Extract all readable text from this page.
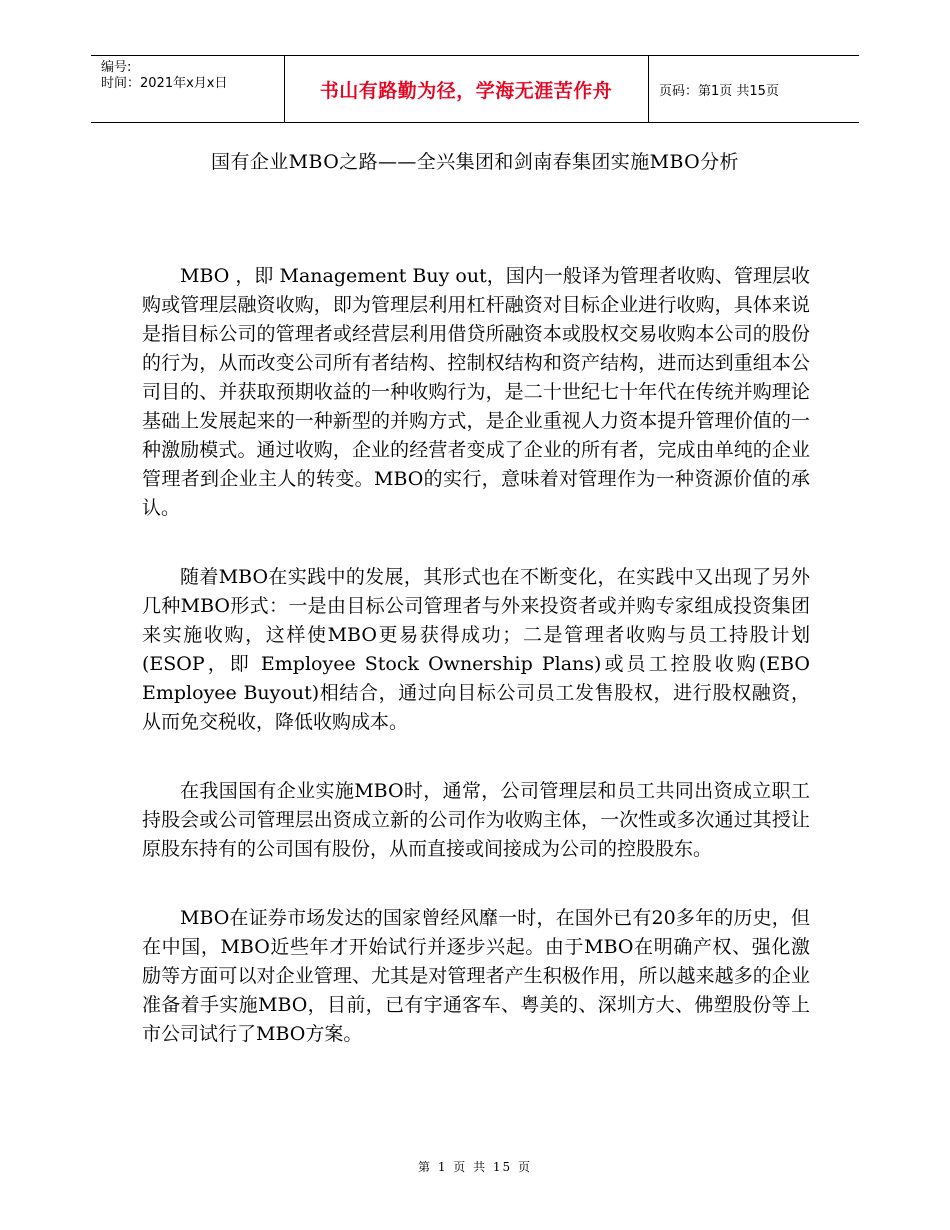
编号:
时间：2021年x月x日	书山有路勤为径，学海无涯苦作舟	页码：第1页 共15页
国有企业MBO之路——全兴集团和剑南春集团实施MBO分析

MBO ，即 Management Buy out，国内一般译为管理者收购、管理层收购或管理层融资收购，即为管理层利用杠杆融资对目标企业进行收购，具体来说是指目标公司的管理者或经营层利用借贷所融资本或股权交易收购本公司的股份的行为，从而改变公司所有者结构、控制权结构和资产结构，进而达到重组本公司目的、并获取预期收益的一种收购行为，是二十世纪七十年代在传统并购理论基础上发展起来的一种新型的并购方式，是企业重视人力资本提升管理价值的一种激励模式。通过收购，企业的经营者变成了企业的所有者，完成由单纯的企业管理者到企业主人的转变。MBO的实行，意味着对管理作为一种资源价值的承认。

随着MBO在实践中的发展，其形式也在不断变化，在实践中又出现了另外几种MBO形式：一是由目标公司管理者与外来投资者或并购专家组成投资集团来实施收购，这样使MBO更易获得成功；二是管理者收购与员工持股计划(ESOP，即 Employee Stock Ownership Plans)或员工控股收购(EBO Employee Buyout)相结合，通过向目标公司员工发售股权，进行股权融资，从而免交税收，降低收购成本。

在我国国有企业实施MBO时，通常，公司管理层和员工共同出资成立职工持股会或公司管理层出资成立新的公司作为收购主体，一次性或多次通过其授让原股东持有的公司国有股份，从而直接或间接成为公司的控股股东。

MBO在证券市场发达的国家曾经风靡一时，在国外已有20多年的历史，但在中国，MBO近些年才开始试行并逐步兴起。由于MBO在明确产权、强化激励等方面可以对企业管理、尤其是对管理者产生积极作用，所以越来越多的企业准备着手实施MBO，目前，已有宇通客车、粤美的、深圳方大、佛塑股份等上市公司试行了MBO方案。

第 1 页 共 15 页
